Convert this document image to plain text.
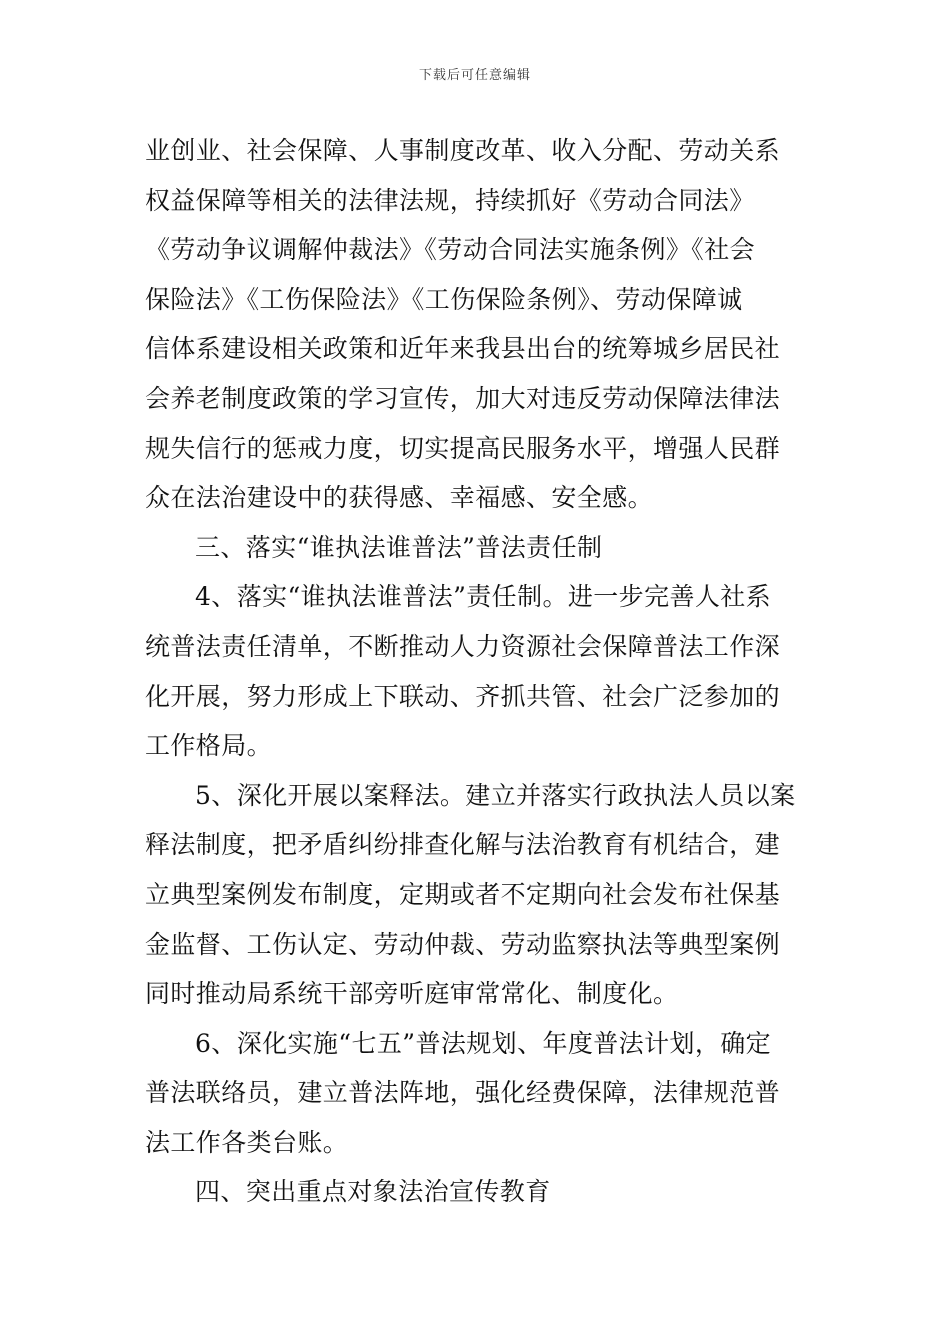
下载后可任意编辑
业创业、社会保障、人事制度改革、收入分配、劳动关系
权益保障等相关的法律法规，持续抓好《劳动合同法》
《劳动争议调解仲裁法》《劳动合同法实施条例》《社会
保险法》《工伤保险法》《工伤保险条例》、劳动保障诚
信体系建设相关政策和近年来我县出台的统筹城乡居民社
会养老制度政策的学习宣传，加大对违反劳动保障法律法
规失信行的惩戒力度，切实提高民服务水平，增强人民群
众在法治建设中的获得感、幸福感、安全感。
三、落实“谁执法谁普法”普法责任制
4、落实“谁执法谁普法”责任制。进一步完善人社系
统普法责任清单，不断推动人力资源社会保障普法工作深
化开展，努力形成上下联动、齐抓共管、社会广泛参加的
工作格局。
5、深化开展以案释法。建立并落实行政执法人员以案
释法制度，把矛盾纠纷排查化解与法治教育有机结合，建
立典型案例发布制度，定期或者不定期向社会发布社保基
金监督、工伤认定、劳动仲裁、劳动监察执法等典型案例
同时推动局系统干部旁听庭审常常化、制度化。
6、深化实施“七五”普法规划、年度普法计划，确定
普法联络员，建立普法阵地，强化经费保障，法律规范普
法工作各类台账。
四、突出重点对象法治宣传教育
